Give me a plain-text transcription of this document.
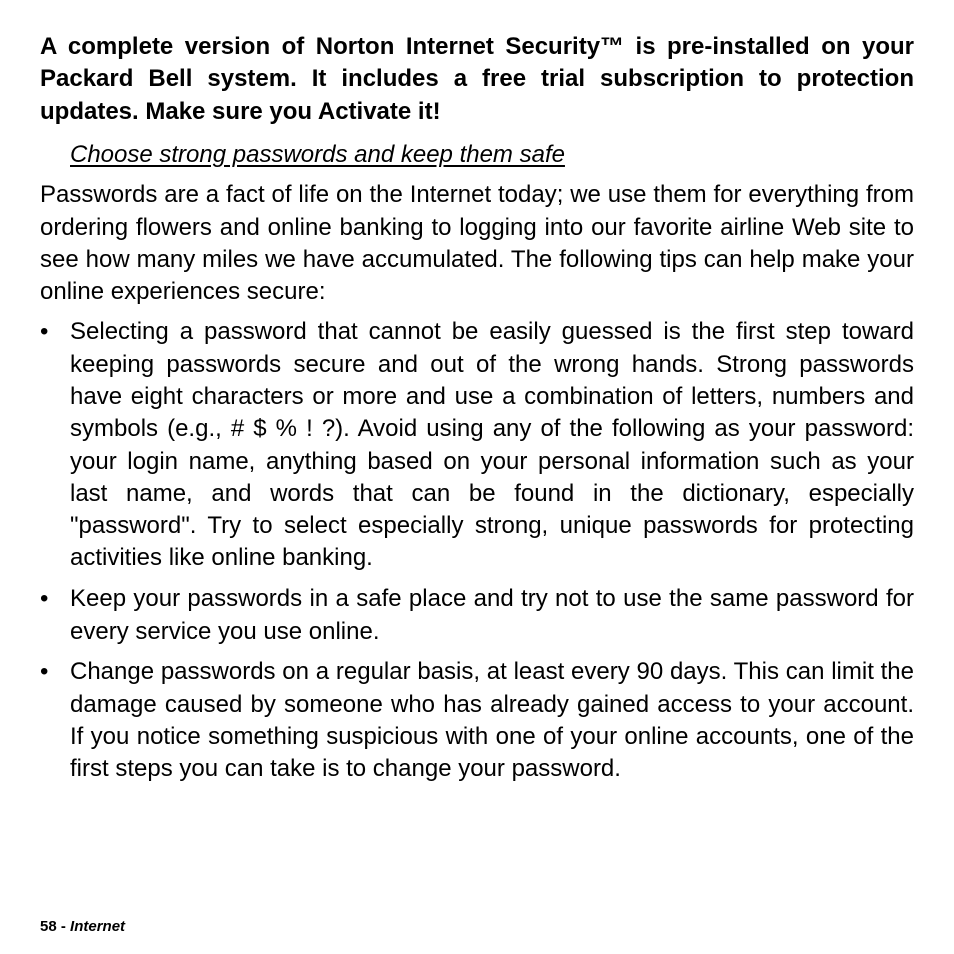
A complete version of Norton Internet Security™ is pre-installed on your Packard Bell system. It includes a free trial subscription to protection updates. Make sure you Activate it!

Choose strong passwords and keep them safe

Passwords are a fact of life on the Internet today; we use them for everything from ordering flowers and online banking to logging into our favorite airline Web site to see how many miles we have accumulated. The following tips can help make your online experiences secure:

• Selecting a password that cannot be easily guessed is the first step toward keeping passwords secure and out of the wrong hands. Strong passwords have eight characters or more and use a combination of letters, numbers and symbols (e.g., # $ % ! ?). Avoid using any of the following as your password: your login name, anything based on your personal information such as your last name, and words that can be found in the dictionary, especially "password". Try to select especially strong, unique passwords for protecting activities like online banking.
• Keep your passwords in a safe place and try not to use the same password for every service you use online.
• Change passwords on a regular basis, at least every 90 days. This can limit the damage caused by someone who has already gained access to your account. If you notice something suspicious with one of your online accounts, one of the first steps you can take is to change your password.
58 - Internet
